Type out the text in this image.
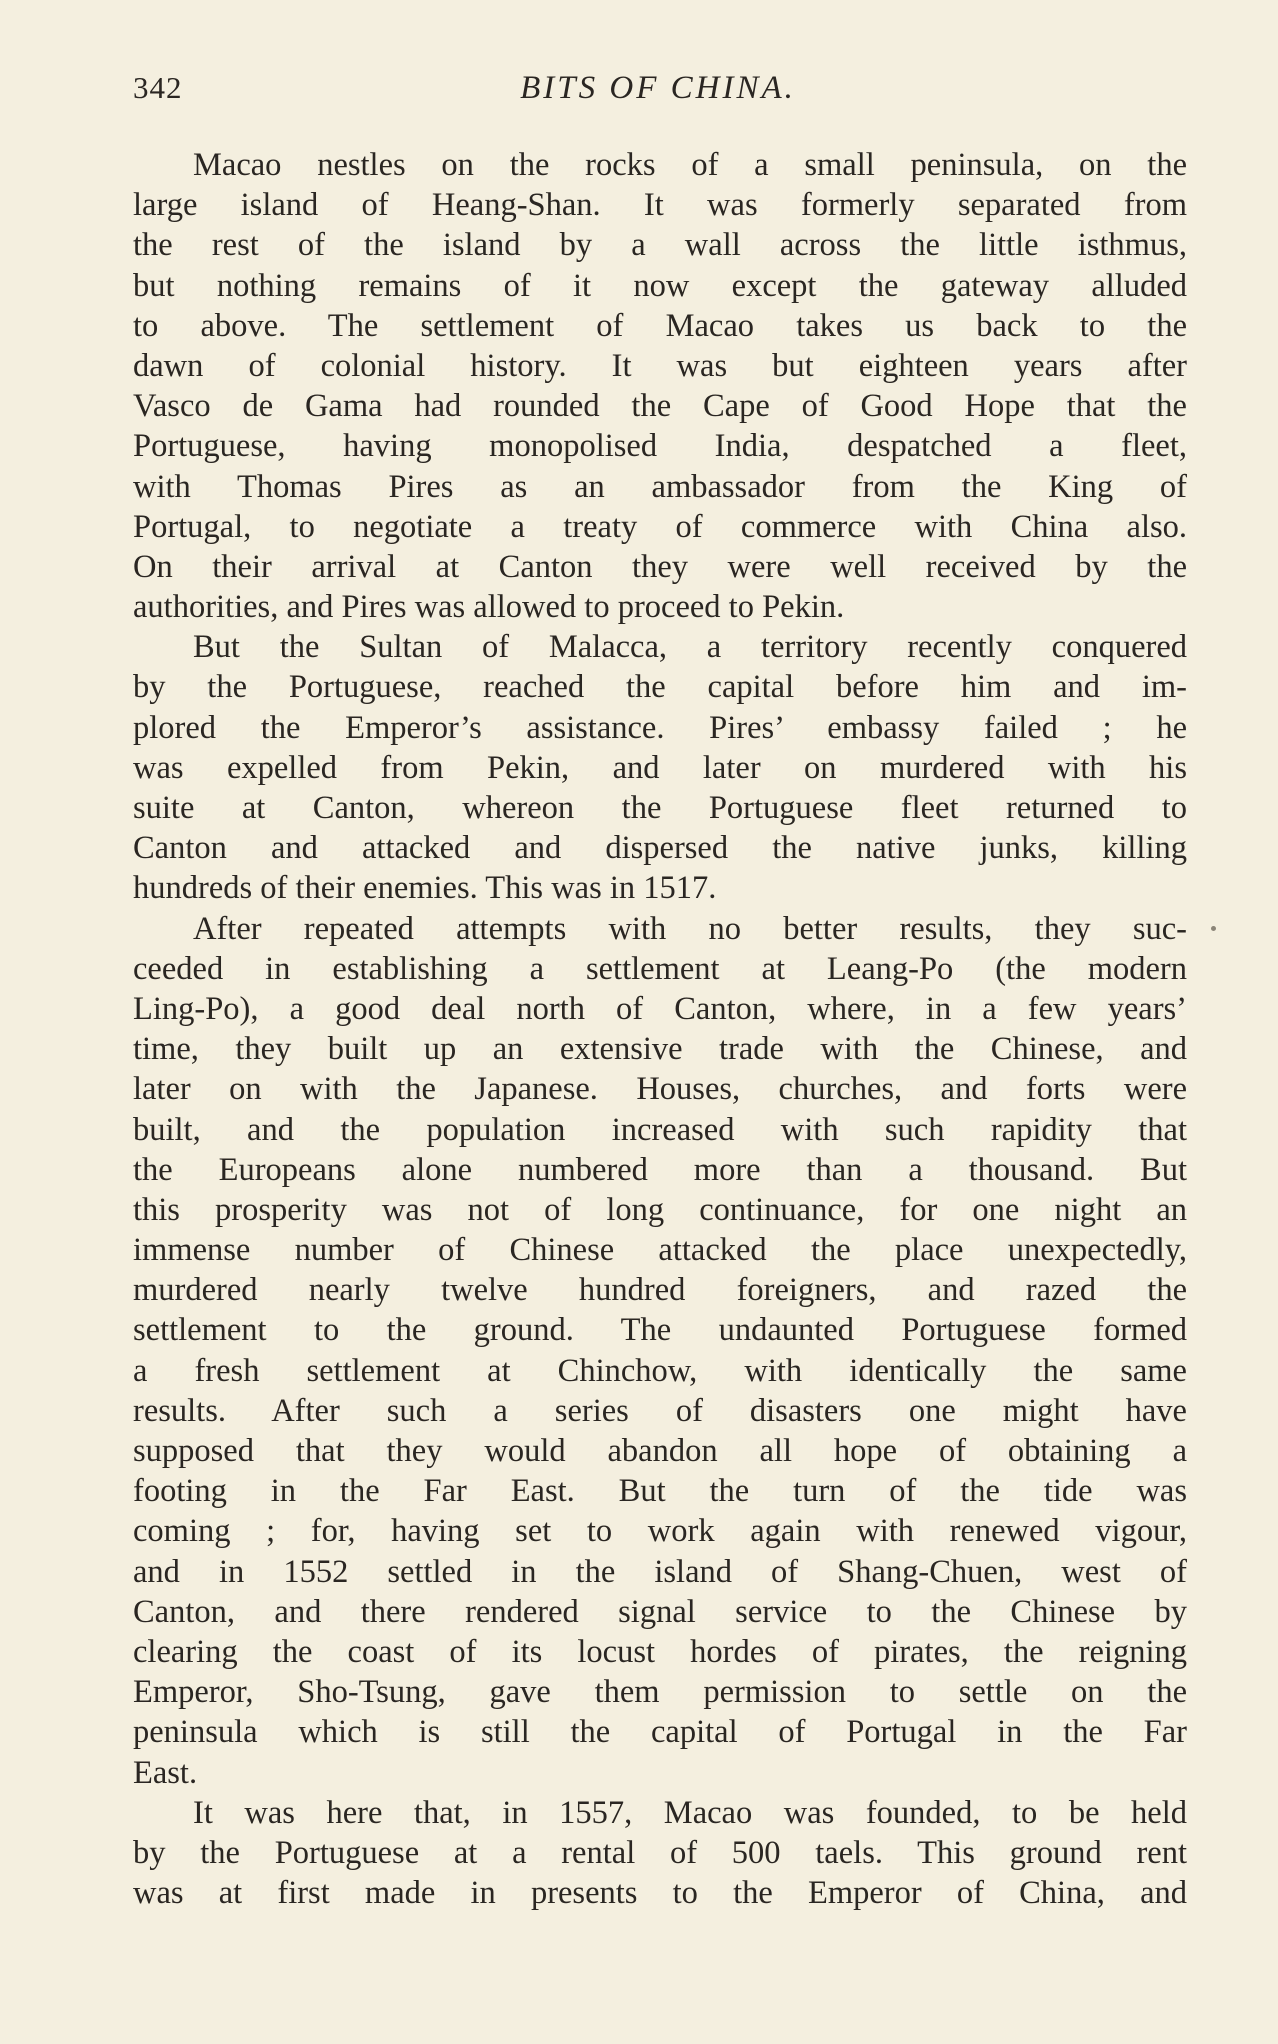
342	BITS OF CHINA.
Macao nestles on the rocks of a small peninsula, on the
large island of Heang-Shan. It was formerly separated from
the rest of the island by a wall across the little isthmus,
but nothing remains of it now except the gateway alluded
to above. The settlement of Macao takes us back to the
dawn of colonial history. It was but eighteen years after
Vasco de Gama had rounded the Cape of Good Hope that the
Portuguese, having monopolised India, despatched a fleet,
with Thomas Pires as an ambassador from the King of
Portugal, to negotiate a treaty of commerce with China also.
On their arrival at Canton they were well received by the
authorities, and Pires was allowed to proceed to Pekin.
But the Sultan of Malacca, a territory recently conquered
by the Portuguese, reached the capital before him and im-
plored the Emperor’s assistance. Pires’ embassy failed ; he
was expelled from Pekin, and later on murdered with his
suite at Canton, whereon the Portuguese fleet returned to
Canton and attacked and dispersed the native junks, killing
hundreds of their enemies. This was in 1517.
After repeated attempts with no better results, they suc-
ceeded in establishing a settlement at Leang-Po (the modern
Ling-Po), a good deal north of Canton, where, in a few years’
time, they built up an extensive trade with the Chinese, and
later on with the Japanese. Houses, churches, and forts were
built, and the population increased with such rapidity that
the Europeans alone numbered more than a thousand. But
this prosperity was not of long continuance, for one night an
immense number of Chinese attacked the place unexpectedly,
murdered nearly twelve hundred foreigners, and razed the
settlement to the ground. The undaunted Portuguese formed
a fresh settlement at Chinchow, with identically the same
results. After such a series of disasters one might have
supposed that they would abandon all hope of obtaining a
footing in the Far East. But the turn of the tide was
coming ; for, having set to work again with renewed vigour,
and in 1552 settled in the island of Shang-Chuen, west of
Canton, and there rendered signal service to the Chinese by
clearing the coast of its locust hordes of pirates, the reigning
Emperor, Sho-Tsung, gave them permission to settle on the
peninsula which is still the capital of Portugal in the Far
East.
It was here that, in 1557, Macao was founded, to be held
by the Portuguese at a rental of 500 taels. This ground rent
was at first made in presents to the Emperor of China, and
